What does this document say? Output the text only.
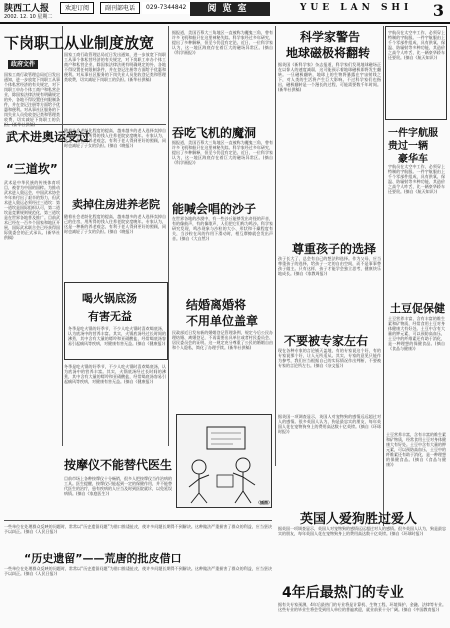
陕西工人报
2002. 12. 10 星期二
欢迎订阅	副刊部电话	029-7344842	阅览室	YUE LAN SHI 3
下岗职工从业制度放宽
政府文件
国家工商行政管理总局近日发出通知，进一步放宽下岗职工从事个体私营经济的有关规定，对下岗职工申办个体工商户和私营企业，除国家法律法规有明确规定的外，各地不得设置任何限制条件，并在登记注册等方面给予优惠和便利。对从事社区服务的下岗失业人员免收登记类和管理类收费，切实减轻下岗职工的负
国家工商行政管理总局近日发出通知，进一步放宽下岗职工从事个体私营经济的有关规定，对下岗职工申办个体工商户和私营企业，除国家法律法规有明确规定的外，各地不得设置任何限制条件，并在登记注册等方面给予优惠和便利。对从事社区服务的下岗失业人员免收登记类和管理类收费，切实减轻下岗职工的负担。(新华社供稿)
武术进奥运受过
“三道坎”
武术是中华民族的传统体育项目，被誉为中国的国粹。为推动武术进入奥运会，中国武术协会多年来付出了艰辛的努力，但武术进入奥运必须经过三道坎：第一道坎是国际组织认可，第二道坎是竞赛规则规范化，第三道坎是在世界各地普及推广。目前武术已经在一百多个国家和地区开展，国际武术联合会已经获得国际奥委会的正式承认。(新华社供稿)
卖掉住房进养老院
随着社会老龄化程度的提高，越来越多的老人选择卖掉自己的住房，用所得的钱入住养老院安度晚年。专家认为，这是一种新的养老观念，有利于老人得到更好的照顾，同时也减轻了子女的负担。(摘自《晚报》)
随着社会老龄化程度的提高，越来越多的老人选择卖掉自己的住房，用所得的钱入住养老院安度晚年。专家认为，这是一种新的养老观念，有利于老人得到更好的照顾，同时也减轻了子女的负担。(摘自《晚报》)
喝火锅底汤
有害无益
冬季是吃火锅的好季节，不少人吃火锅时喜欢喝底汤，认为底汤中的营养丰富。其实，火锅底汤经过长时间的沸煮，其中含有大量的嘌呤和亚硝酸盐，经常喝底汤容易引起痛风等疾病，对健康有害无益。(摘自《健康报》)
冬季是吃火锅的好季节，不少人吃火锅时喜欢喝底汤，认为底汤中的营养丰富。其实，火锅底汤经过长时间的沸煮，其中含有大量的嘌呤和亚硝酸盐，经常喝底汤容易引起痛风等疾病，对健康有害无益。(摘自《健康报》)
按摩仪不能替代医生
目前市场上各种按摩仪十分畅销，很多人把按摩仪当作治病的工具。医生提醒，按摩仪只能起到一定的保健作用，并不能替代医生的治疗，患有疾病的人应当及时到医院就诊，以免延误病情。(摘自《家庭医生》)
据报道，美国百慕大三角地区一直被称为魔鬼三角，曾有许多飞机和船只在这里神秘失踪。科学家经过多年研究，提出了多种解释，但至今仍没有定论。近日，一位科学家认为，这一地区海底存在着巨大的磁场异常区。(摘自《科学画报》)
吞吃飞机的魔洞
据报道，美国百慕大三角地区一直被称为魔鬼三角，曾有许多飞机和船只在这里神秘失踪。科学家经过多年研究，提出了多种解释，但至今仍没有定论。近日，一位科学家认为，这一地区海底存在着巨大的磁场异常区。(摘自《科学画报》)
科学家警告
地球磁极将翻转
据英国《新科学家》杂志报道，科学家们发现地球磁场正在以惊人的速度减弱，这可能预示着地球磁极即将发生翻转。一旦磁极翻转，地球上的生物将暴露在宇宙射线之下，对人类的生活将产生巨大影响。不过科学家们也指出，磁极翻转是一个漫长的过程，可能需要数千年时间。(新华社供稿)
能喊会唱的沙子
在世界各地的沙漠中，有一些沙丘能够发出奇怪的声音，有的像鼓声，有的像歌声，人们把它们称为鸣沙。科学家研究发现，鸣沙现象与沙粒的大小、形状和干燥程度有关，当沙粒在风的作用下滑动时，相互摩擦就会发出声音。(摘自《大自然》)
尊重孩子的选择
孩子长大了，总会有自己的想法和选择。作为父母，应当尊重孩子的选择，给孩子一定的自由空间，而不是事事替孩子做主。只有这样，孩子才能学会独立思考，健康快乐地成长。(摘自《家教周报》)
结婚离婚将
不用单位盖章
民政部近日发布新的婚姻登记管理条例，规定今后公民办理结婚、离婚登记，不再需要出具单位或者村民委员会、居民委员会的证明。这一规定充分尊重了公民的婚姻自由和个人隐私，简化了办理手续。(新华社供稿)
宇航员在太空中工作，必须穿上特制的宇航服。一件宇航服由上千个零部件组成，具有供氧、保温、防辐射等多种功能，其造价之高令人咋舌，比一辆豪华轿车还要贵。(摘自《航天知识》)
一件字航服
贵过一辆
豪华车
宇航员在太空中工作，必须穿上特制的宇航服。一件宇航服由上千个零部件组成，具有供氧、保温、防辐射等多种功能，其造价之高令人咋舌，比一辆豪华轿车还要贵。(摘自《航天知识》)
不要被专家左右
现在各种专家的言论铺天盖地，有的专家说这个好，有的专家说那个好，让人无所适从。其实，专家的意见只能作为参考，我们应当根据自己的实际情况作出判断，不要被专家的言论所左右。(摘自《杂文报》)
土豆促保健
土豆营养丰富，含有丰富的维生素和矿物质，经常食用土豆对身体健康大有好处。土豆中含有大量的钾元素，可以预防高血压，土豆中的纤维素还有助于消化，是一种理想的保健食品。(摘自《食品与健康》)
（插图）
英国人爱狗胜过爱人
据英国一项调查显示，英国人对宠物狗的感情远远超过对人的感情。很多英国人认为，狗是最忠实的朋友，每年英国人花在宠物狗身上的费用高达数十亿英镑。(摘自《环球时报》)
据英国一项调查显示，英国人对宠物狗的感情远远超过对人的感情。很多英国人认为，狗是最忠实的朋友，每年英国人花在宠物狗身上的费用高达数十亿英镑。(摘自《环球时报》)
土豆营养丰富，含有丰富的维生素和矿物质，经常食用土豆对身体健康大有好处。土豆中含有大量的钾元素，可以预防高血压，土豆中的纤维素还有助于消化，是一种理想的保健食品。(摘自《食品与健康》)
一些单位在处理群众反映的问题时，常常以“历史遗留问题”为借口推诿扯皮，使许多问题长期得不到解决。这种做法严重损害了群众的利益，应当坚决予以纠正。(摘自《人民日报》)
“历史遗留”——荒唐的批皮借口
一些单位在处理群众反映的问题时，常常以“历史遗留问题”为借口推诿扯皮，使许多问题长期得不到解决。这种做法严重损害了群众的利益，应当坚决予以纠正。(摘自《人民日报》)
4年后最热门的专业
据有关专家预测，4年后最热门的专业将是计算机、生物工程、环境保护、金融、法律等专业。这些专业的毕业生将会受到用人单位的普遍欢迎，就业前景十分广阔。(摘自《中国教育报》)
